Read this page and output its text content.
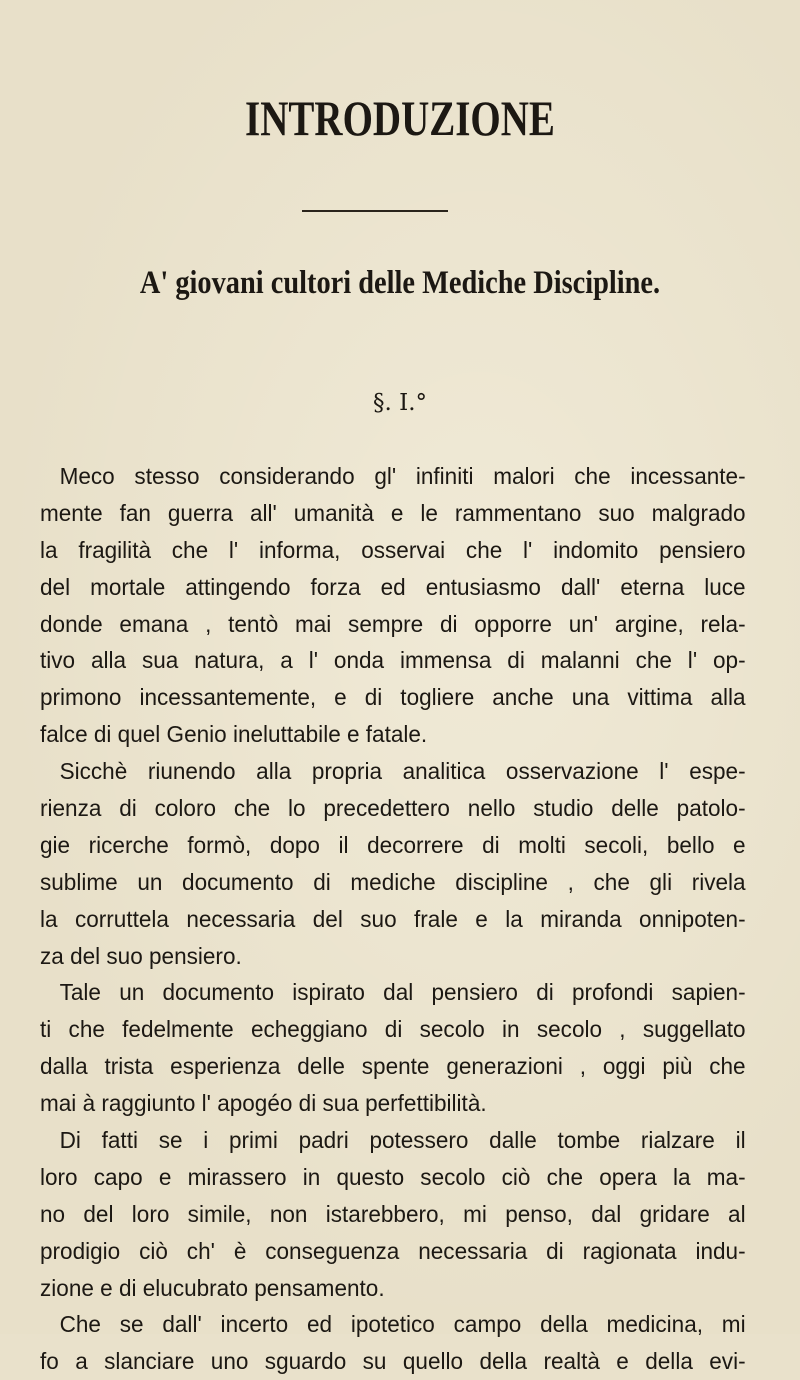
INTRODUZIONE
A' giovani cultori delle Mediche Discipline.
§. I.°
Meco stesso considerando gl' infiniti malori che incessante-
mente fan guerra all' umanità e le rammentano suo malgrado
la fragilità che l' informa, osservai che l' indomito pensiero
del mortale attingendo forza ed entusiasmo dall' eterna luce
donde emana , tentò mai sempre di opporre un' argine, rela-
tivo alla sua natura, a l' onda immensa di malanni che l' op-
primono incessantemente, e di togliere anche una vittima alla
falce di quel Genio ineluttabile e fatale.
Sicchè riunendo alla propria analitica osservazione l' espe-
rienza di coloro che lo precedettero nello studio delle patolo-
gie ricerche formò, dopo il decorrere di molti secoli, bello e
sublime un documento di mediche discipline , che gli rivela
la corruttela necessaria del suo frale e la miranda onnipoten-
za del suo pensiero.
Tale un documento ispirato dal pensiero di profondi sapien-
ti che fedelmente echeggiano di secolo in secolo , suggellato
dalla trista esperienza delle spente generazioni , oggi più che
mai à raggiunto l' apogéo di sua perfettibilità.
Di fatti se i primi padri potessero dalle tombe rialzare il
loro capo e mirassero in questo secolo ciò che opera la ma-
no del loro simile, non istarebbero, mi penso, dal gridare al
prodigio ciò ch' è conseguenza necessaria di ragionata indu-
zione e di elucubrato pensamento.
Che se dall' incerto ed ipotetico campo della medicina, mi
fo a slanciare uno sguardo su quello della realtà e della evi-
